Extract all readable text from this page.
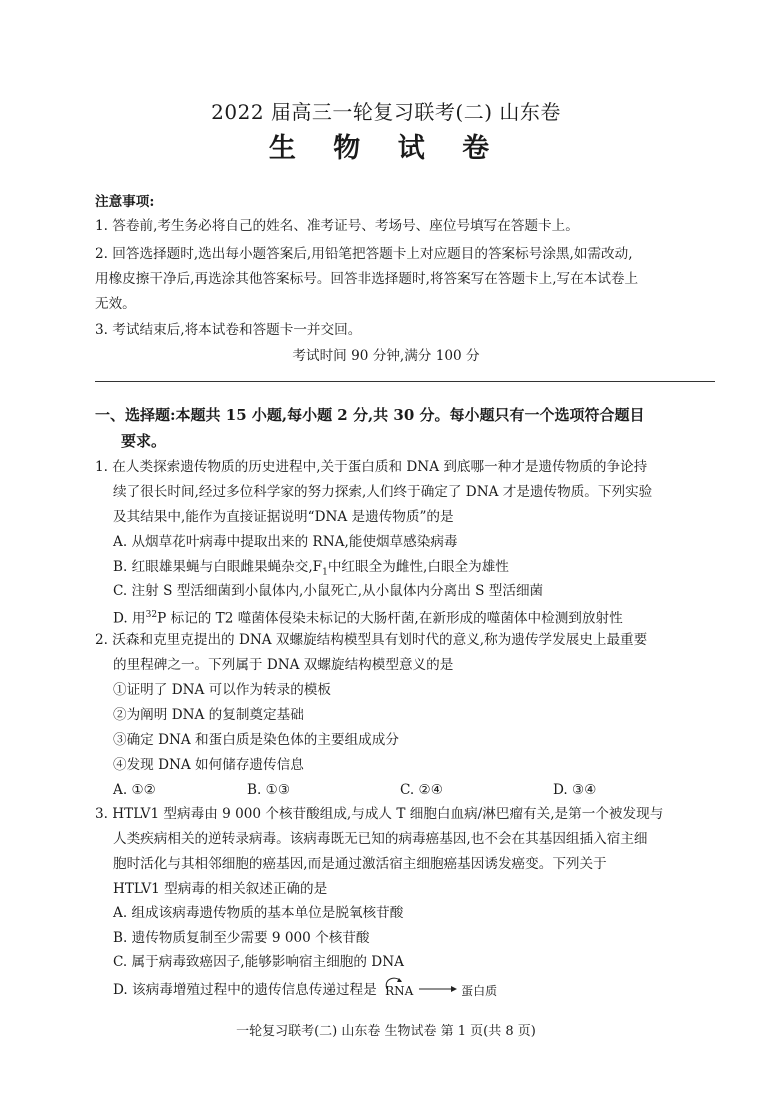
2022 届高三一轮复习联考(二) 山东卷
生 物 试 卷
注意事项:
1. 答卷前,考生务必将自己的姓名、准考证号、考场号、座位号填写在答题卡上。
2. 回答选择题时,选出每小题答案后,用铅笔把答题卡上对应题目的答案标号涂黑,如需改动,
用橡皮擦干净后,再选涂其他答案标号。回答非选择题时,将答案写在答题卡上,写在本试卷上
无效。
3. 考试结束后,将本试卷和答题卡一并交回。
考试时间 90 分钟,满分 100 分
一、选择题:本题共 15 小题,每小题 2 分,共 30 分。每小题只有一个选项符合题目
要求。
1. 在人类探索遗传物质的历史进程中,关于蛋白质和 DNA 到底哪一种才是遗传物质的争论持
续了很长时间,经过多位科学家的努力探索,人们终于确定了 DNA 才是遗传物质。下列实验
及其结果中,能作为直接证据说明“DNA 是遗传物质”的是
A. 从烟草花叶病毒中提取出来的 RNA,能使烟草感染病毒
B. 红眼雄果蝇与白眼雌果蝇杂交$,F_1$中红眼全为雌性,白眼全为雄性
C. 注射 S 型活细菌到小鼠体内,小鼠死亡,从小鼠体内分离出 S 型活细菌
D. 用$^{32}$P 标记的 T2 噬菌体侵染未标记的大肠杆菌,在新形成的噬菌体中检测到放射性
2. 沃森和克里克提出的 DNA 双螺旋结构模型具有划时代的意义,称为遗传学发展史上最重要
的里程碑之一。下列属于 DNA 双螺旋结构模型意义的是
①证明了 DNA 可以作为转录的模板
②为阐明 DNA 的复制奠定基础
③确定 DNA 和蛋白质是染色体的主要组成成分
④发现 DNA 如何储存遗传信息
A. ①②	B. ①③	C. ②④	D. ③④
3. HTLV1 型病毒由 9 000 个核苷酸组成,与成人 T 细胞白血病/淋巴瘤有关,是第一个被发现与
人类疾病相关的逆转录病毒。该病毒既无已知的病毒癌基因,也不会在其基因组插入宿主细
胞时活化与其相邻细胞的癌基因,而是通过激活宿主细胞癌基因诱发癌变。下列关于
HTLV1 型病毒的相关叙述正确的是
A. 组成该病毒遗传物质的基本单位是脱氧核苷酸
B. 遗传物质复制至少需要 9 000 个核苷酸
C. 属于病毒致癌因子,能够影响宿主细胞的 DNA
D. 该病毒增殖过程中的遗传信息传递过程是 RNA	蛋白质
一轮复习联考(二) 山东卷 生物试卷 第 1 页(共 8 页)
